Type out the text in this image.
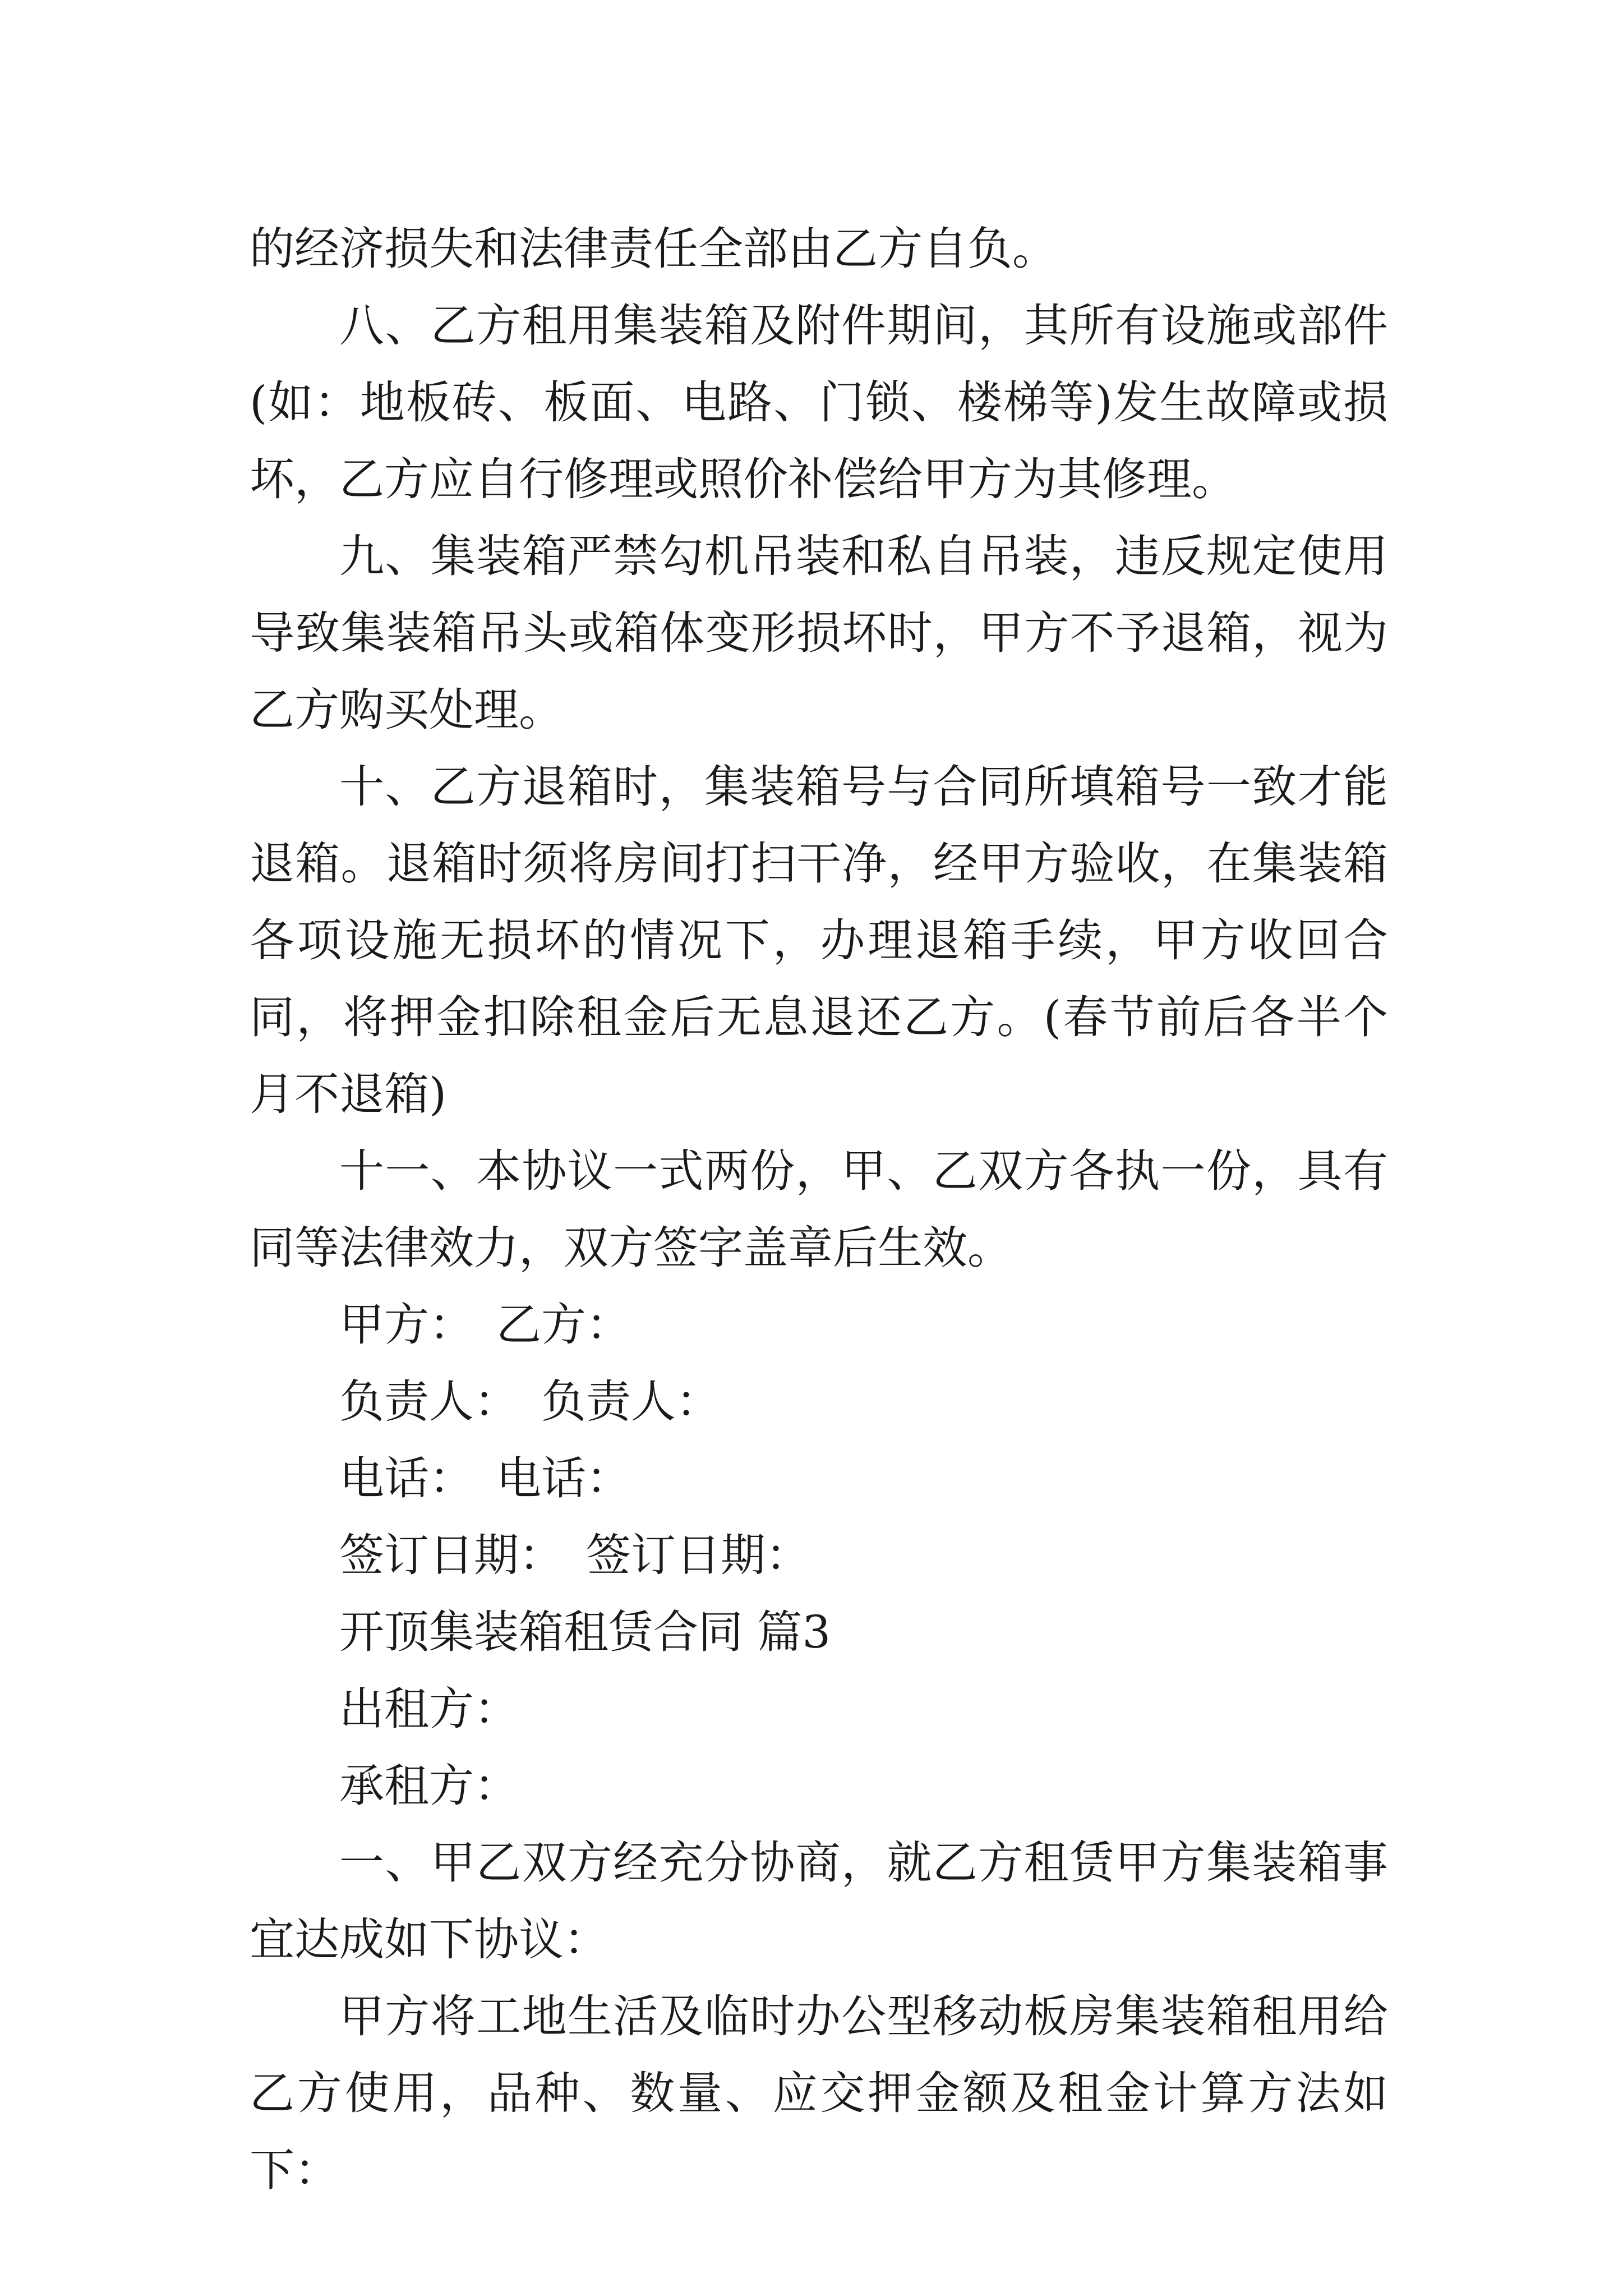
的经济损失和法律责任全部由乙方自负。

八、乙方租用集装箱及附件期间，其所有设施或部件(如：地板砖、板面、电路、门锁、楼梯等)发生故障或损坏，乙方应自行修理或照价补偿给甲方为其修理。

九、集装箱严禁勾机吊装和私自吊装，违反规定使用导致集装箱吊头或箱体变形损坏时，甲方不予退箱，视为乙方购买处理。

十、乙方退箱时，集装箱号与合同所填箱号一致才能退箱。退箱时须将房间打扫干净，经甲方验收，在集装箱各项设施无损坏的情况下，办理退箱手续，甲方收回合同，将押金扣除租金后无息退还乙方。(春节前后各半个月不退箱)

十一、本协议一式两份，甲、乙双方各执一份，具有同等法律效力，双方签字盖章后生效。

甲方： 乙方：
负责人： 负责人：
电话： 电话：
签订日期： 签订日期：
开顶集装箱租赁合同 篇3
出租方：
承租方：

一、甲乙双方经充分协商，就乙方租赁甲方集装箱事宜达成如下协议：

甲方将工地生活及临时办公型移动板房集装箱租用给乙方使用，品种、数量、应交押金额及租金计算方法如下：
